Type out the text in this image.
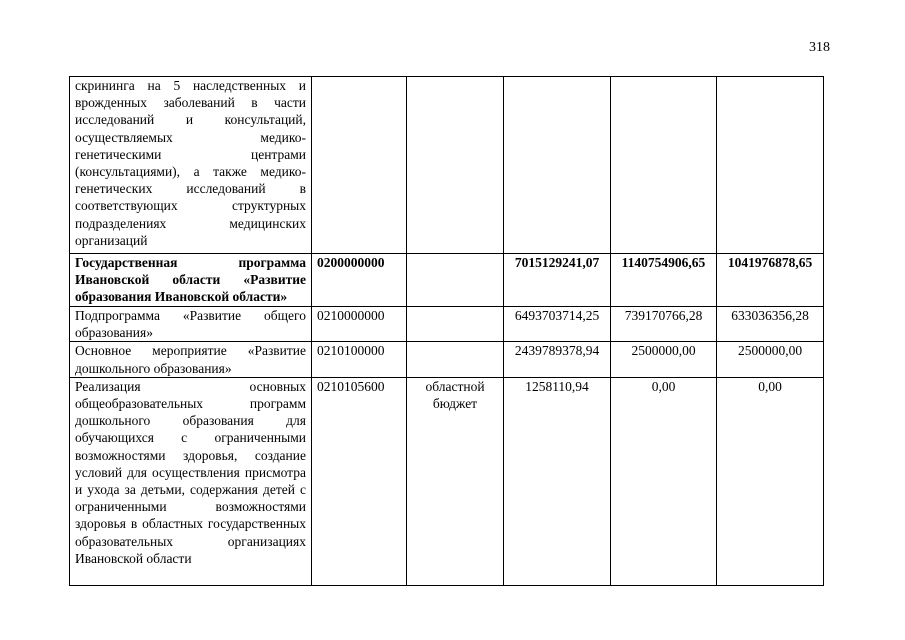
318
скрининга на 5 наследственных и врожденных заболеваний в части исследований и консультаций, осуществляемых медико-генетическими центрами (консультациями), а также медико-генетических исследований в соответствующих структурных подразделениях медицинских организаций					
Государственная программа Ивановской области «Развитие образования Ивановской области»	0200000000		7015129241,07	1140754906,65	1041976878,65
Подпрограмма «Развитие общего образования»	0210000000		6493703714,25	739170766,28	633036356,28
Основное мероприятие «Развитие дошкольного образования»	0210100000		2439789378,94	2500000,00	2500000,00
Реализация основных общеобразовательных программ дошкольного образования для обучающихся с ограниченными возможностями здоровья, создание условий для осуществления присмотра и ухода за детьми, содержания детей с ограниченными возможностями здоровья в областных государственных образовательных организациях Ивановской области	0210105600	областной бюджет	1258110,94	0,00	0,00
